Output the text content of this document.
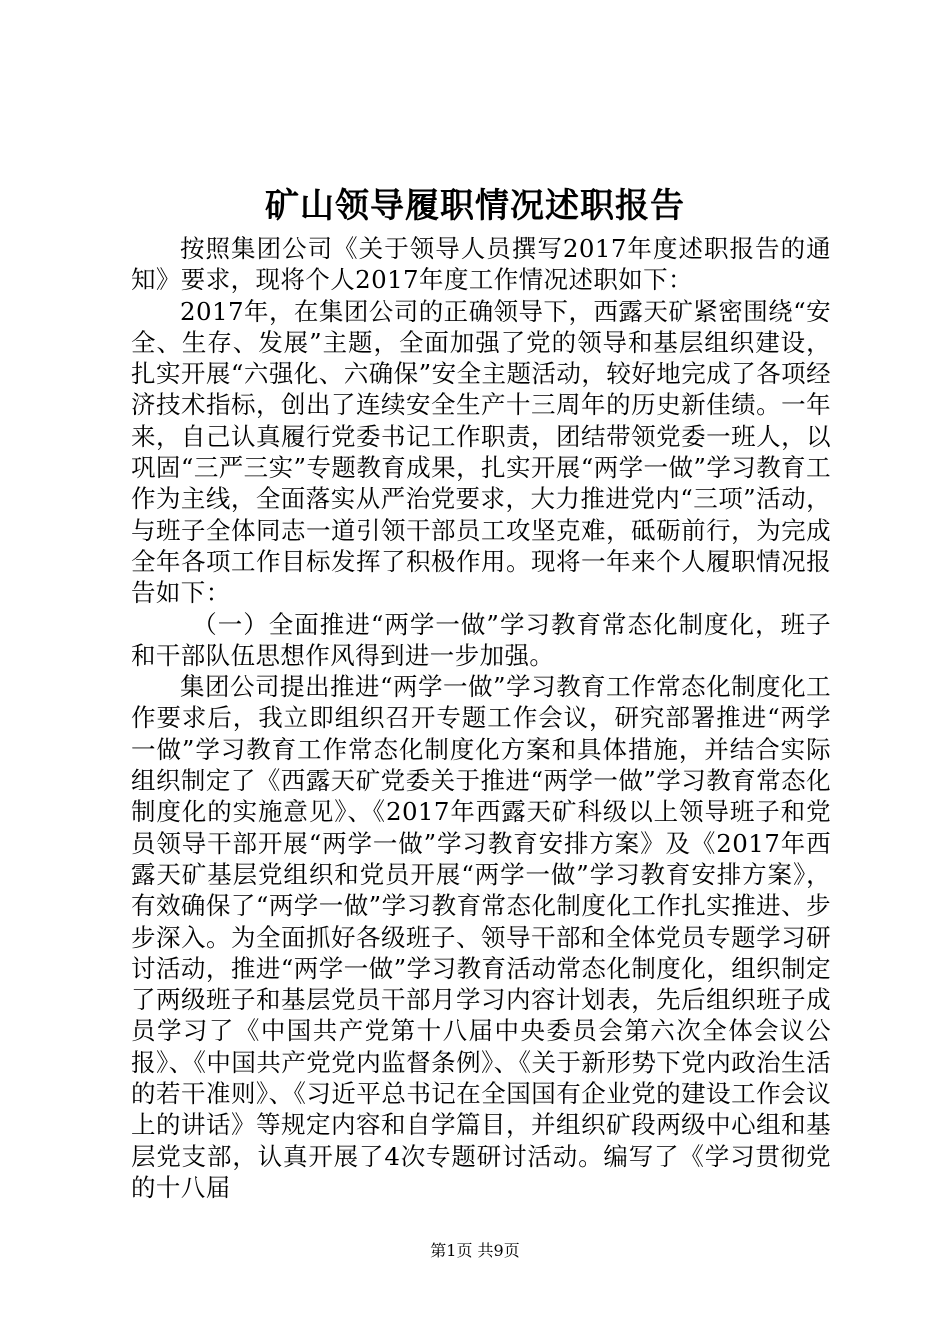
矿山领导履职情况述职报告

按照集团公司《关于领导人员撰写2017年度述职报告的通知》要求，现将个人2017年度工作情况述职如下：

2017年，在集团公司的正确领导下，西露天矿紧密围绕“安全、生存、发展”主题，全面加强了党的领导和基层组织建设，扎实开展“六强化、六确保”安全主题活动，较好地完成了各项经济技术指标，创出了连续安全生产十三周年的历史新佳绩。一年来，自己认真履行党委书记工作职责，团结带领党委一班人，以巩固“三严三实”专题教育成果，扎实开展“两学一做”学习教育工作为主线，全面落实从严治党要求，大力推进党内“三项”活动，与班子全体同志一道引领干部员工攻坚克难，砥砺前行，为完成全年各项工作目标发挥了积极作用。现将一年来个人履职情况报告如下：

（一）全面推进“两学一做”学习教育常态化制度化，班子和干部队伍思想作风得到进一步加强。

集团公司提出推进“两学一做”学习教育工作常态化制度化工作要求后，我立即组织召开专题工作会议，研究部署推进“两学一做”学习教育工作常态化制度化方案和具体措施，并结合实际组织制定了《西露天矿党委关于推进“两学一做”学习教育常态化制度化的实施意见》、《2017年西露天矿科级以上领导班子和党员领导干部开展“两学一做”学习教育安排方案》及《2017年西露天矿基层党组织和党员开展“两学一做”学习教育安排方案》，有效确保了“两学一做”学习教育常态化制度化工作扎实推进、步步深入。为全面抓好各级班子、领导干部和全体党员专题学习研讨活动，推进“两学一做”学习教育活动常态化制度化，组织制定了两级班子和基层党员干部月学习内容计划表，先后组织班子成员学习了《中国共产党第十八届中央委员会第六次全体会议公报》、《中国共产党党内监督条例》、《关于新形势下党内政治生活的若干准则》、《习近平总书记在全国国有企业党的建设工作会议上的讲话》等规定内容和自学篇目，并组织矿段两级中心组和基层党支部，认真开展了4次专题研讨活动。编写了《学习贯彻党的十八届

第1页 共9页
